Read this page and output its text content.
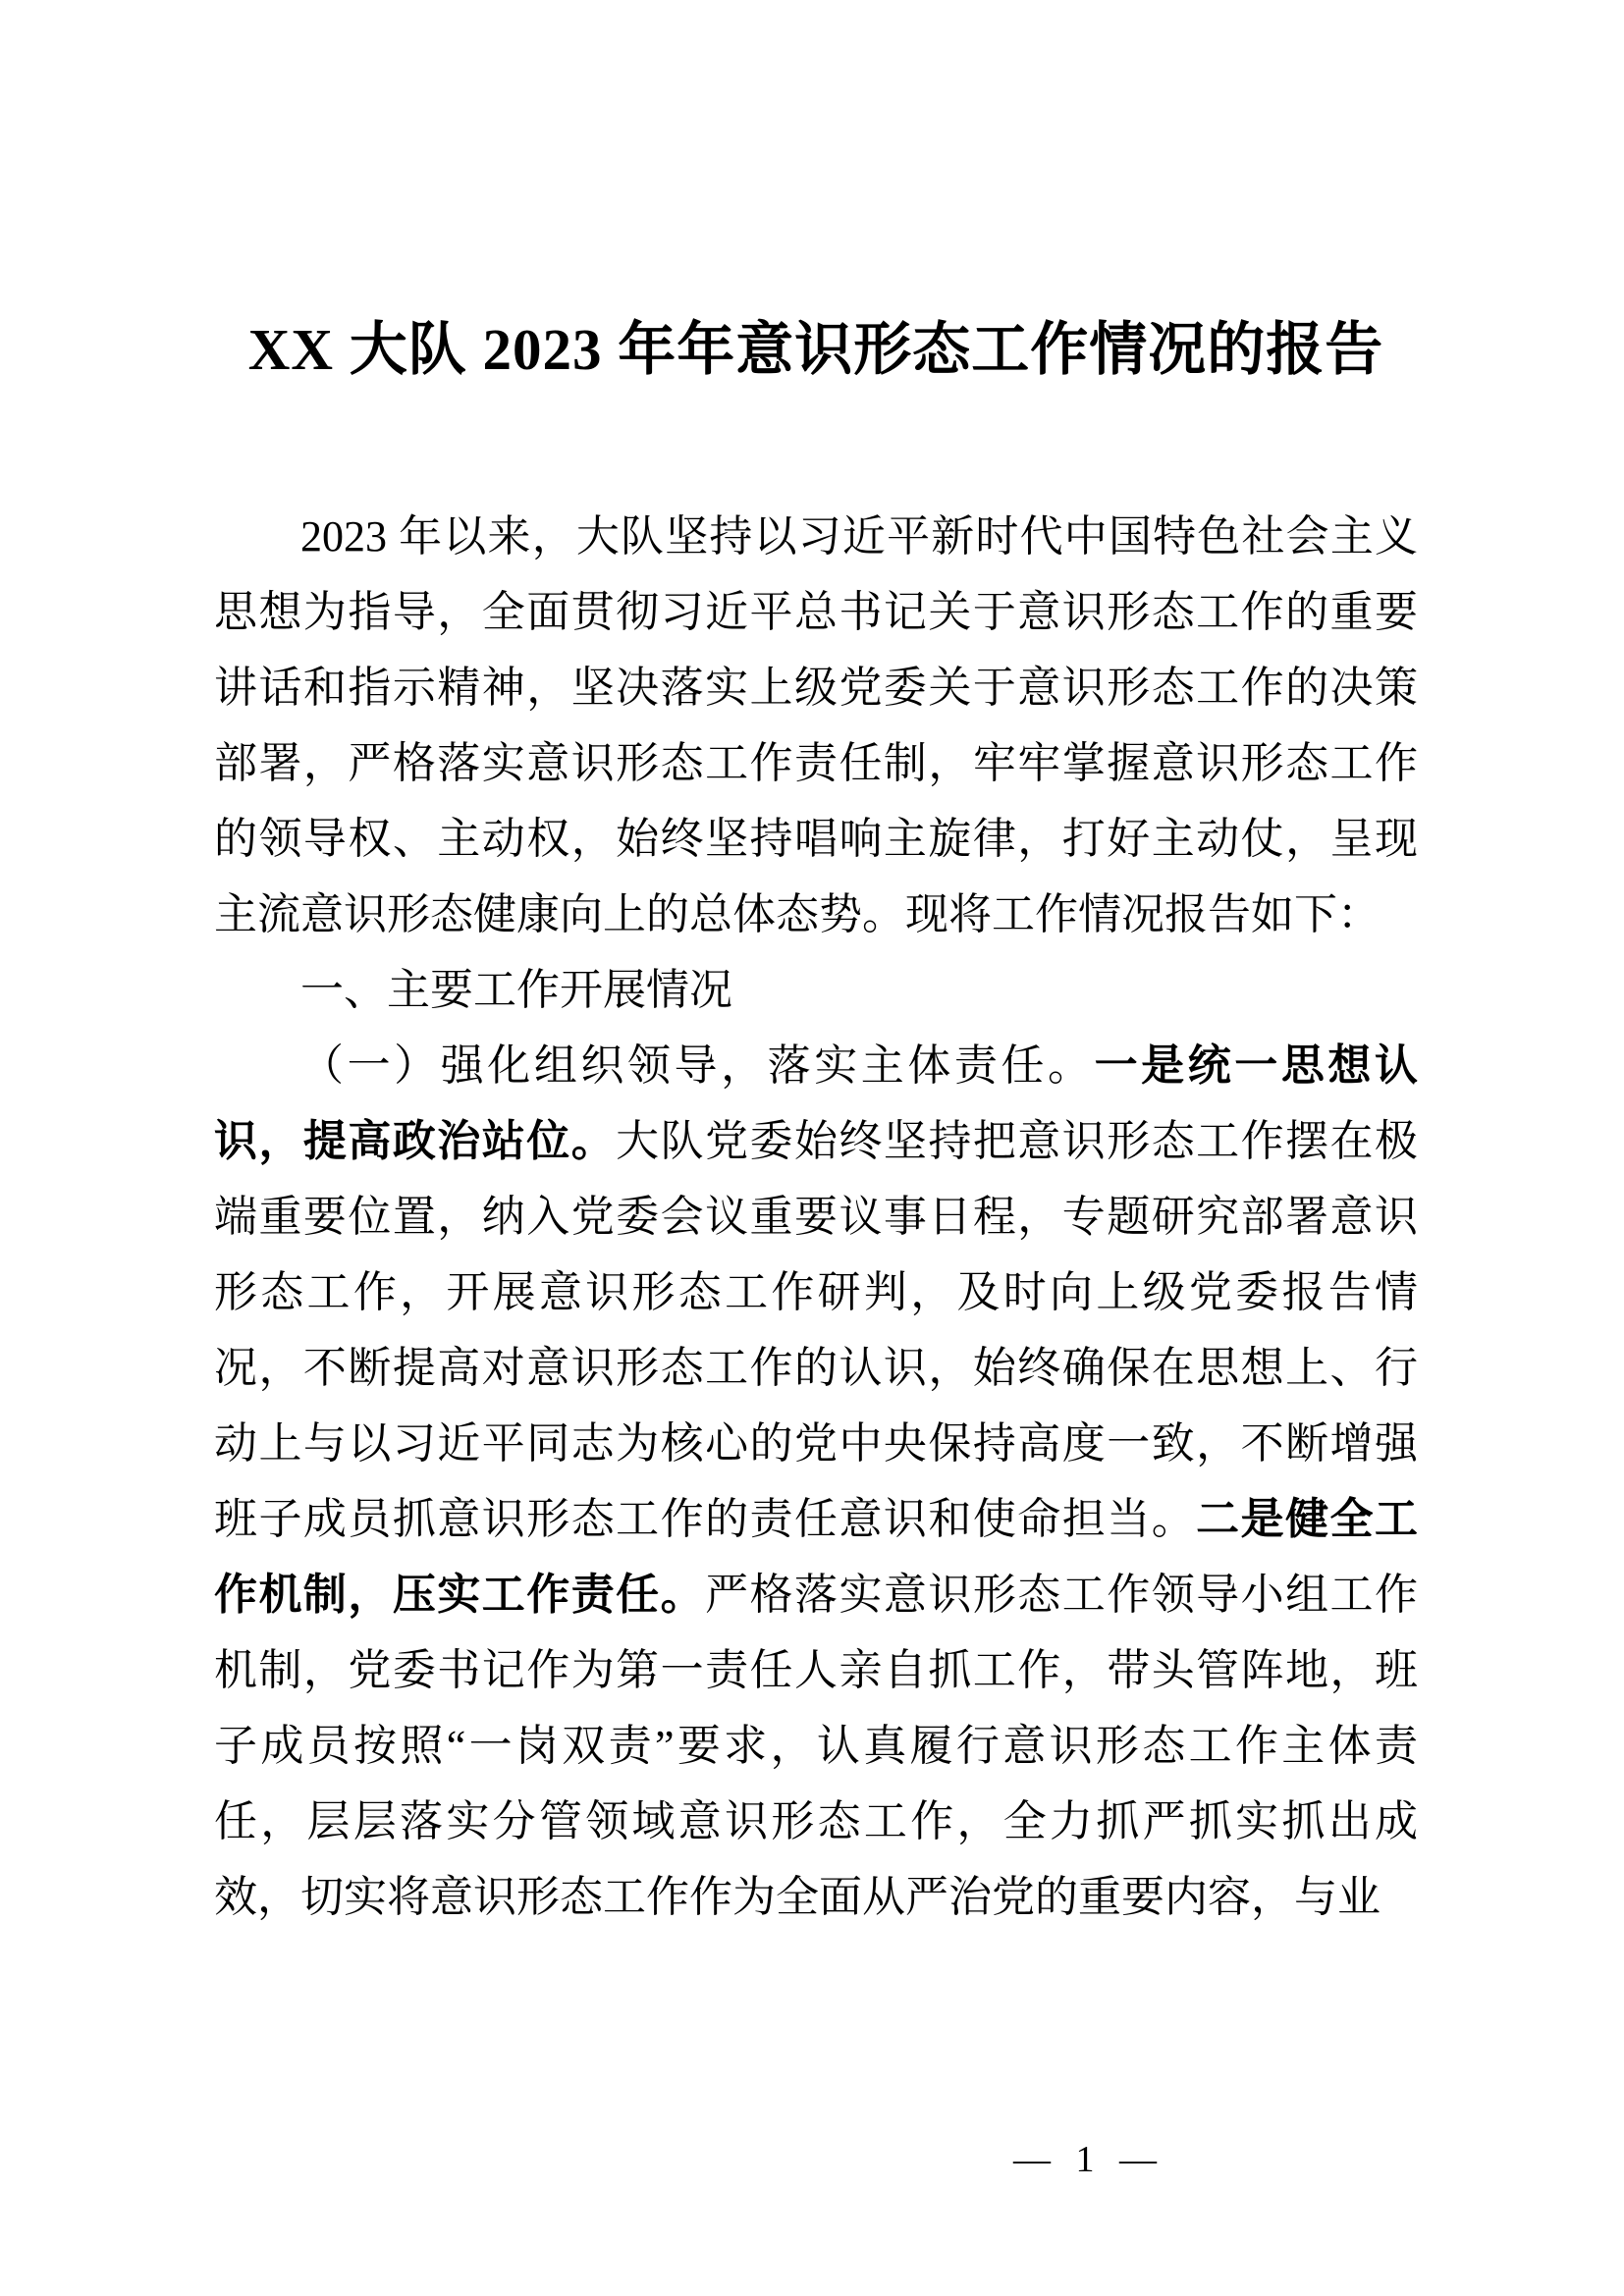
XX 大队 2023 年年意识形态工作情况的报告

2023 年以来，大队坚持以习近平新时代中国特色社会主义思想为指导，全面贯彻习近平总书记关于意识形态工作的重要讲话和指示精神，坚决落实上级党委关于意识形态工作的决策部署，严格落实意识形态工作责任制，牢牢掌握意识形态工作的领导权、主动权，始终坚持唱响主旋律，打好主动仗，呈现主流意识形态健康向上的总体态势。现将工作情况报告如下：

一、主要工作开展情况

（一）强化组织领导，落实主体责任。一是统一思想认识，提高政治站位。大队党委始终坚持把意识形态工作摆在极端重要位置，纳入党委会议重要议事日程，专题研究部署意识形态工作，开展意识形态工作研判，及时向上级党委报告情况，不断提高对意识形态工作的认识，始终确保在思想上、行动上与以习近平同志为核心的党中央保持高度一致，不断增强班子成员抓意识形态工作的责任意识和使命担当。二是健全工作机制，压实工作责任。严格落实意识形态工作领导小组工作机制，党委书记作为第一责任人亲自抓工作，带头管阵地，班子成员按照“一岗双责”要求，认真履行意识形态工作主体责任，层层落实分管领域意识形态工作，全力抓严抓实抓出成效，切实将意识形态工作作为全面从严治党的重要内容，与业

— 1 —
